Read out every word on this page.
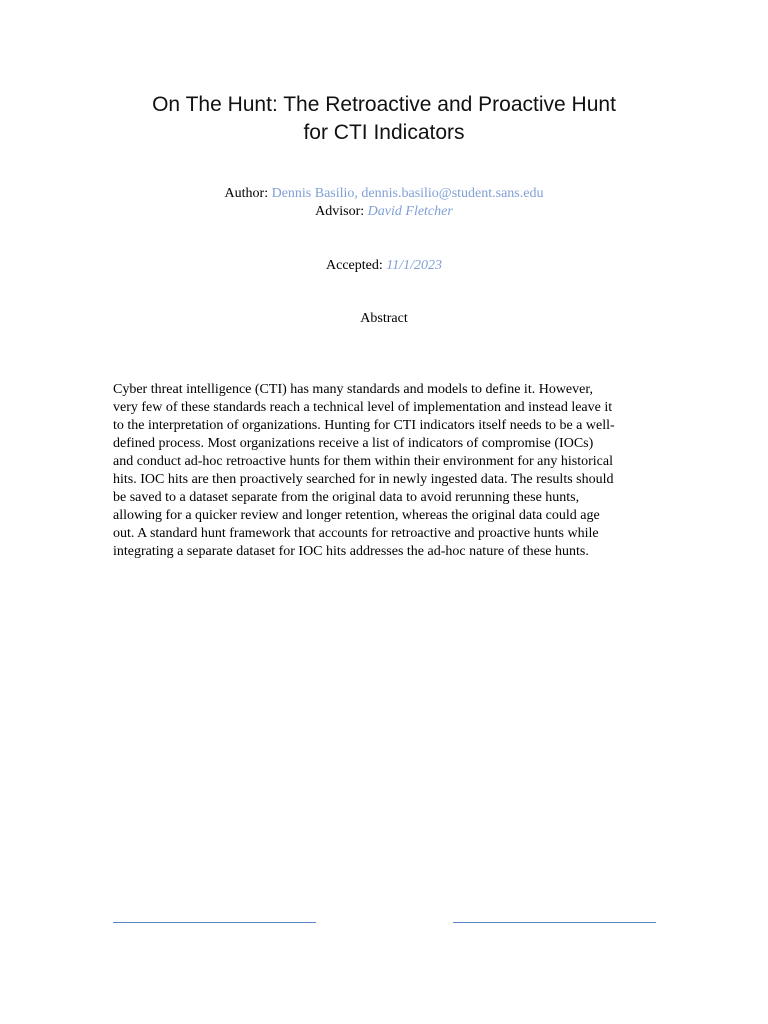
On The Hunt: The Retroactive and Proactive Hunt
for CTI Indicators

Author: Dennis Basilio, dennis.basilio@student.sans.edu

Advisor: David Fletcher

Accepted: 11/1/2023

Abstract

Cyber threat intelligence (CTI) has many standards and models to define it. However,
very few of these standards reach a technical level of implementation and instead leave it
to the interpretation of organizations. Hunting for CTI indicators itself needs to be a well-
defined process. Most organizations receive a list of indicators of compromise (IOCs)
and conduct ad-hoc retroactive hunts for them within their environment for any historical
hits. IOC hits are then proactively searched for in newly ingested data. The results should
be saved to a dataset separate from the original data to avoid rerunning these hunts,
allowing for a quicker review and longer retention, whereas the original data could age
out. A standard hunt framework that accounts for retroactive and proactive hunts while
integrating a separate dataset for IOC hits addresses the ad-hoc nature of these hunts.
